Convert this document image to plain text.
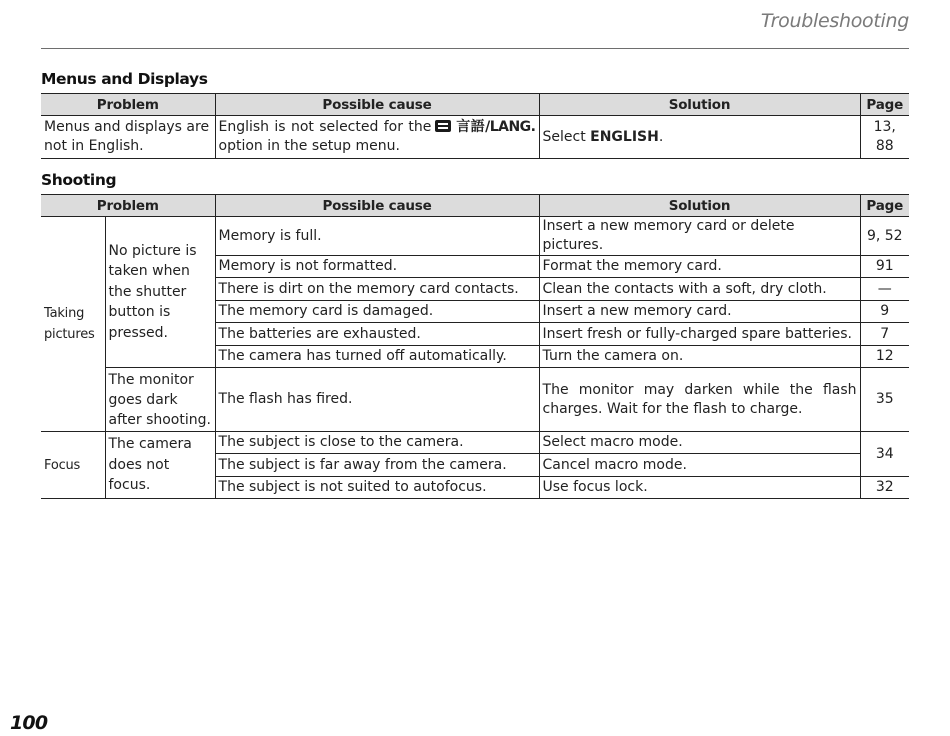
Troubleshooting
Menus and Displays
Problem	Possible cause	Solution	Page
Menus and displays are not in English.	English is not selected for the 言語/LANG. option in the setup menu.	Select ENGLISH.	13, 88
Shooting
Problem		Possible cause	Solution	Page
Taking pictures	No picture is taken when the shutter button is pressed.	Memory is full.	Insert a new memory card or delete pictures.	9, 52
		Memory is not formatted.	Format the memory card.	91
		There is dirt on the memory card contacts.	Clean the contacts with a soft, dry cloth.	—
		The memory card is damaged.	Insert a new memory card.	9
		The batteries are exhausted.	Insert fresh or fully-charged spare batteries.	7
		The camera has turned off automatically.	Turn the camera on.	12
	The monitor goes dark after shooting.	The flash has fired.	The monitor may darken while the flash charges. Wait for the flash to charge.	35
Focus	The camera does not focus.	The subject is close to the camera.	Select macro mode.	34
		The subject is far away from the camera.	Cancel macro mode.	
		The subject is not suited to autofocus.	Use focus lock.	32
100
